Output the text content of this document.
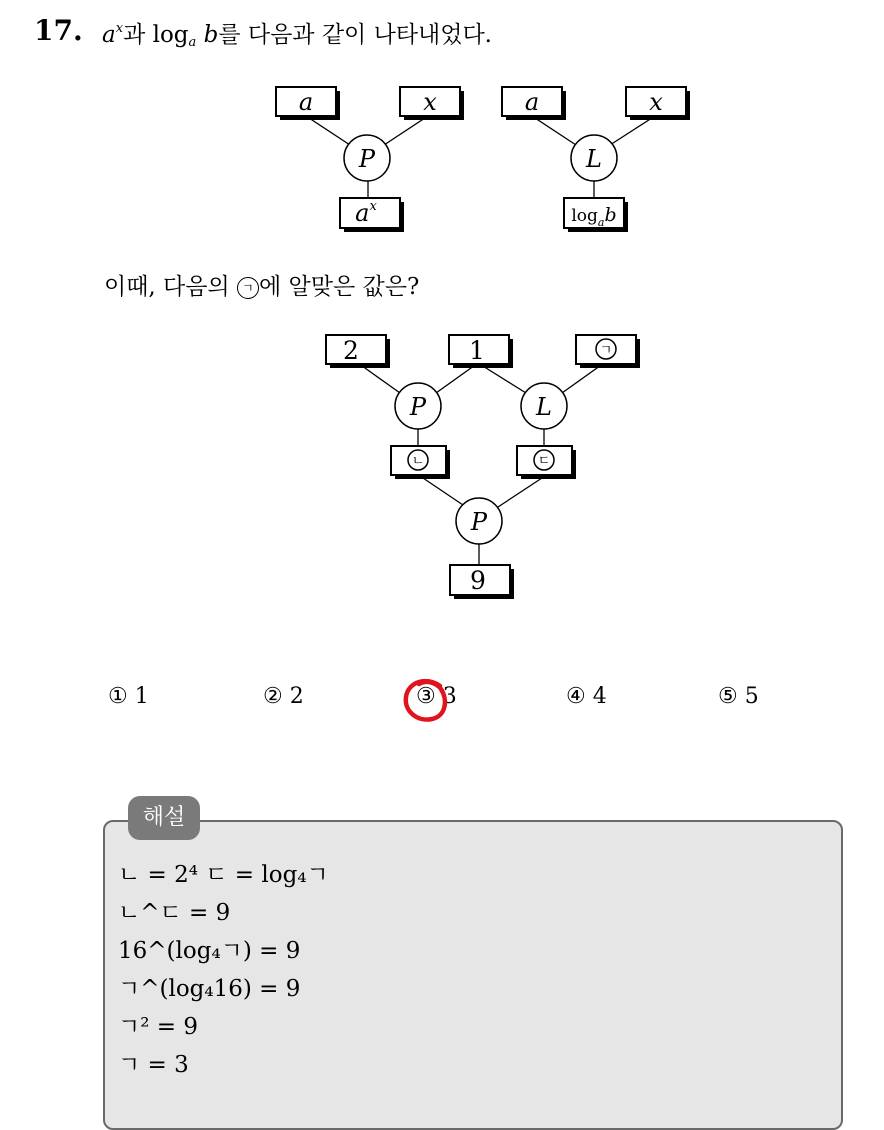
17. $a^x$과 $\log_a b$를 다음과 같이 나타내었다.
a	x
P
$a^x$
a	x
L
$\log_ab$
이때, 다음의 ㄱ 에 알맞은 값은?
2	1	ㄱ
P	L
ㄴ	ㄷ
P
9
① 1	② 2	③ 3	④ 4	⑤ 5
해설
ㄴ = 2⁴ ㄷ = log₄ㄱ
ㄴ^ㄷ = 9
16^(log₄ㄱ) = 9
ㄱ^(log₄16) = 9
ㄱ² = 9
ㄱ = 3
